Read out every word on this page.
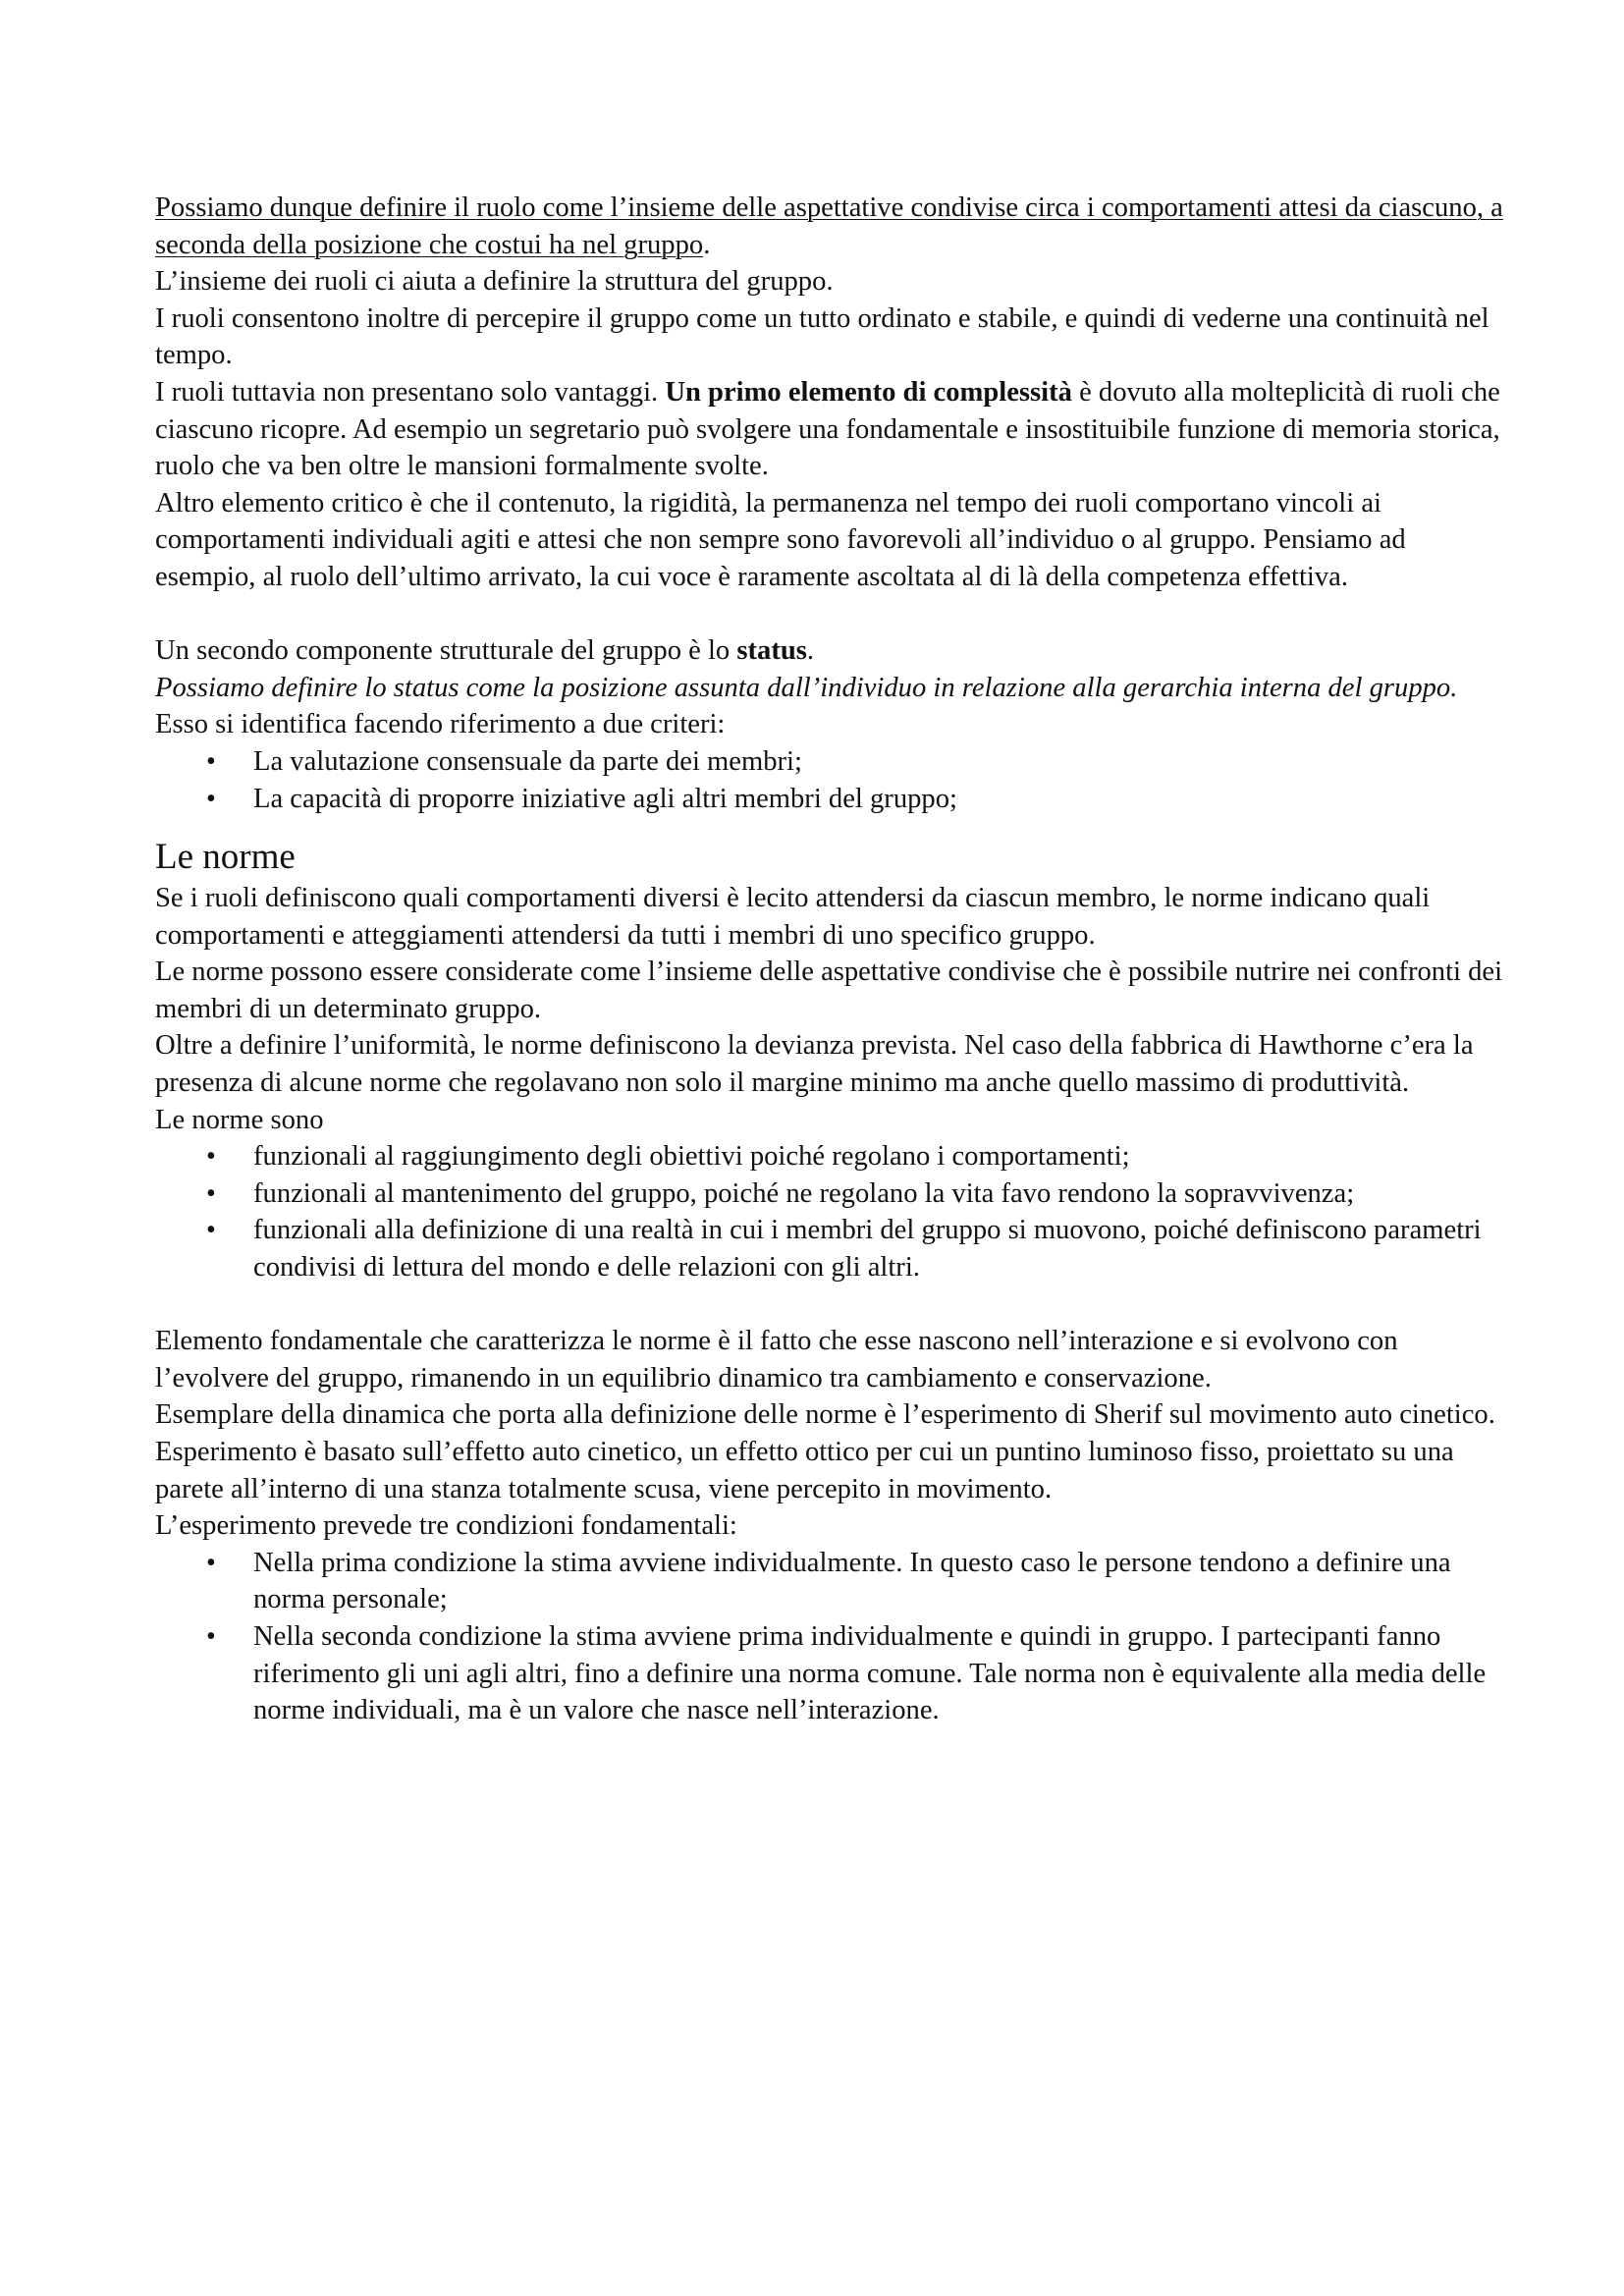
Possiamo dunque definire il ruolo come l’insieme delle aspettative condivise circa i comportamenti attesi da ciascuno, a seconda della posizione che costui ha nel gruppo.

L’insieme dei ruoli ci aiuta a definire la struttura del gruppo.

I ruoli consentono inoltre di percepire il gruppo come un tutto ordinato e stabile, e quindi di vederne una continuità nel tempo.

I ruoli tuttavia non presentano solo vantaggi. Un primo elemento di complessità è dovuto alla molteplicità di ruoli che ciascuno ricopre. Ad esempio un segretario può svolgere una fondamentale e insostituibile funzione di memoria storica, ruolo che va ben oltre le mansioni formalmente svolte.

Altro elemento critico è che il contenuto, la rigidità, la permanenza nel tempo dei ruoli comportano vincoli ai comportamenti individuali agiti e attesi che non sempre sono favorevoli all’individuo o al gruppo. Pensiamo ad esempio, al ruolo dell’ultimo arrivato, la cui voce è raramente ascoltata al di là della competenza effettiva.

Un secondo componente strutturale del gruppo è lo status.

Possiamo definire lo status come la posizione assunta dall’individuo in relazione alla gerarchia interna del gruppo.

Esso si identifica facendo riferimento a due criteri:

• La valutazione consensuale da parte dei membri;
• La capacità di proporre iniziative agli altri membri del gruppo;
Le norme

Se i ruoli definiscono quali comportamenti diversi è lecito attendersi da ciascun membro, le norme indicano quali comportamenti e atteggiamenti attendersi da tutti i membri di uno specifico gruppo.

Le norme possono essere considerate come l’insieme delle aspettative condivise che è possibile nutrire nei confronti dei membri di un determinato gruppo.

Oltre a definire l’uniformità, le norme definiscono la devianza prevista. Nel caso della fabbrica di Hawthorne c’era la presenza di alcune norme che regolavano non solo il margine minimo ma anche quello massimo di produttività.

Le norme sono

• funzionali al raggiungimento degli obiettivi poiché regolano i comportamenti;
• funzionali al mantenimento del gruppo, poiché ne regolano la vita favo rendono la sopravvivenza;
• funzionali alla definizione di una realtà in cui i membri del gruppo si muovono, poiché definiscono parametri condivisi di lettura del mondo e delle relazioni con gli altri.

Elemento fondamentale che caratterizza le norme è il fatto che esse nascono nell’interazione e si evolvono con l’evolvere del gruppo, rimanendo in un equilibrio dinamico tra cambiamento e conservazione.

Esemplare della dinamica che porta alla definizione delle norme è l’esperimento di Sherif sul movimento auto cinetico. Esperimento è basato sull’effetto auto cinetico, un effetto ottico per cui un puntino luminoso fisso, proiettato su una parete all’interno di una stanza totalmente scusa, viene percepito in movimento.

L’esperimento prevede tre condizioni fondamentali:

• Nella prima condizione la stima avviene individualmente. In questo caso le persone tendono a definire una norma personale;
• Nella seconda condizione la stima avviene prima individualmente e quindi in gruppo. I partecipanti fanno riferimento gli uni agli altri, fino a definire una norma comune. Tale norma non è equivalente alla media delle norme individuali, ma è un valore che nasce nell’interazione.
